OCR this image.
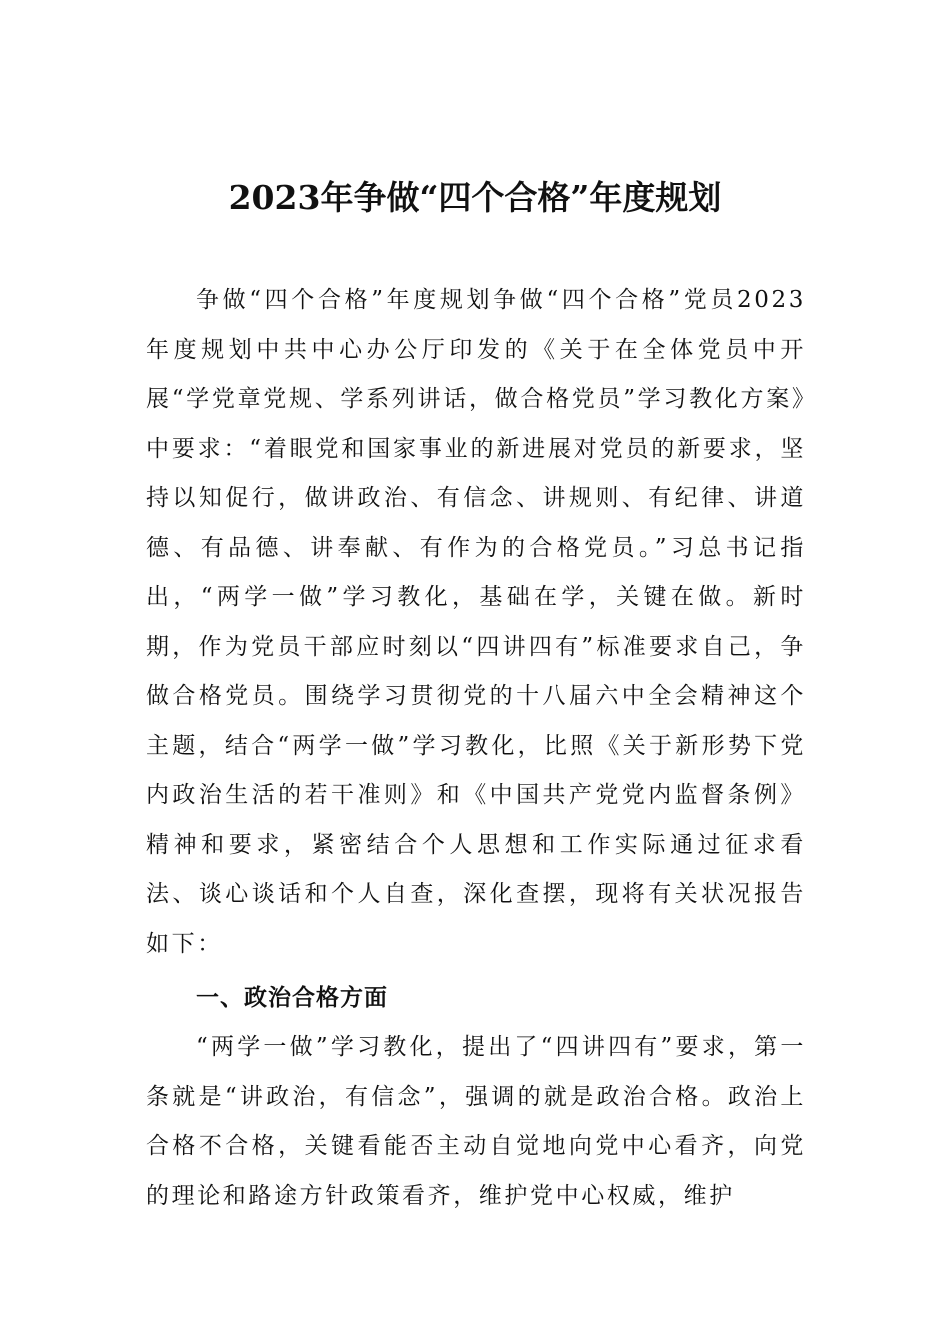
2023年争做“四个合格”年度规划

争做“四个合格”年度规划争做“四个合格”党员2023年度规划中共中心办公厅印发的《关于在全体党员中开展“学党章党规、学系列讲话，做合格党员”学习教化方案》中要求：“着眼党和国家事业的新进展对党员的新要求，坚持以知促行，做讲政治、有信念、讲规则、有纪律、讲道德、有品德、讲奉献、有作为的合格党员。”习总书记指出，“两学一做”学习教化，基础在学，关键在做。新时期，作为党员干部应时刻以“四讲四有”标准要求自己，争做合格党员。围绕学习贯彻党的十八届六中全会精神这个主题，结合“两学一做”学习教化，比照《关于新形势下党内政治生活的若干准则》和《中国共产党党内监督条例》精神和要求，紧密结合个人思想和工作实际通过征求看法、谈心谈话和个人自查，深化查摆，现将有关状况报告如下：

一、政治合格方面

“两学一做”学习教化，提出了“四讲四有”要求，第一条就是“讲政治，有信念”，强调的就是政治合格。政治上合格不合格，关键看能否主动自觉地向党中心看齐，向党的理论和路途方针政策看齐，维护党中心权威，维护
